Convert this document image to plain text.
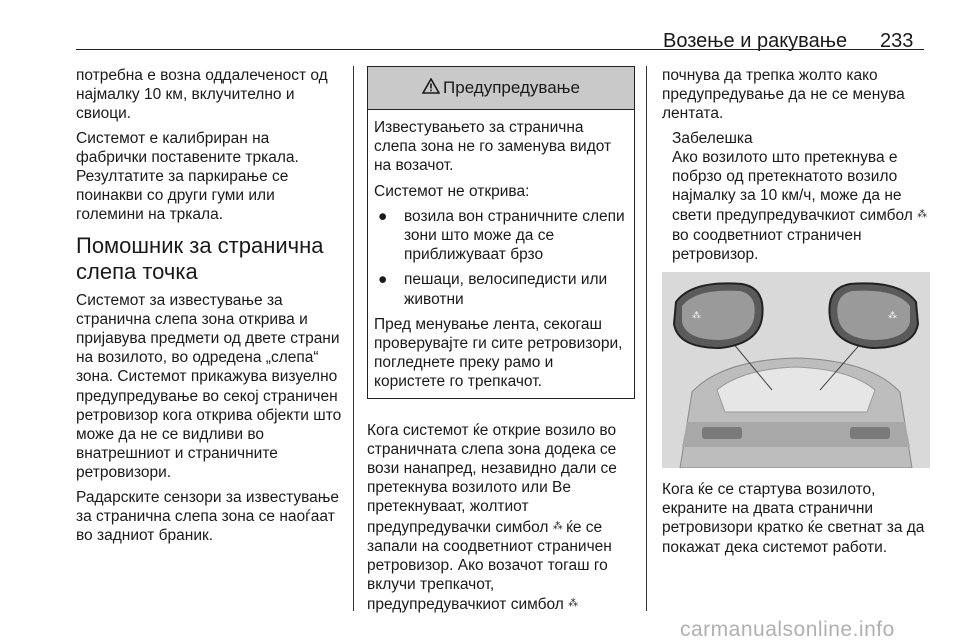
Возење и ракување 233

потребна е возна оддалеченост од најмалку 10 км, вклучително и свиоци.

Системот е калибриран на фабрички поставените тркала. Резултатите за паркирање се поинакви со други гуми или големини на тркала.

Помошник за странична слепа точка

Системот за известување за странична слепа зона открива и пријавува предмети од двете страни на возилото, во одредена „слепа“ зона. Системот прикажува визуелно предупредување во секој страничен ретровизор кога открива објекти што може да не се видливи во внатрешниот и страничните ретровизори.

Радарските сензори за известување за странична слепа зона се наоѓаат во задниот браник.

Предупредување

Известувањето за странична слепа зона не го заменува видот на возачот.

Системот не открива:

●	возила вон страничните слепи зони што може да се приближуваат брзо
●	пешаци, велосипедисти или животни

Пред менување лента, секогаш проверувајте ги сите ретровизори, погледнете преку рамо и користете го трепкачот.

Кога системот ќе открие возило во страничната слепа зона додека се вози нанапред, незавидно дали се претекнува возилото или Ве претекнуваат, жолтиот предупредувачки симбол ⁂ ќе се запали на соодветниот страничен ретровизор. Ако возачот тогаш го вклучи трепкачот, предупредувачкиот симбол ⁂

почнува да трепка жолто како предупредување да не се менува лентата.

Забелешка
Ако возилото што претекнува е побрзо од претекнатото возило најмалку за 10 км/ч, може да не свети предупредувачкиот симбол ⁂ во соодветниот страничен ретровизор.
⁂	⁂

Кога ќе се стартува возилото, екраните на двата странични ретровизори кратко ќе светнат за да покажат дека системот работи.

carmanualsonline.info
